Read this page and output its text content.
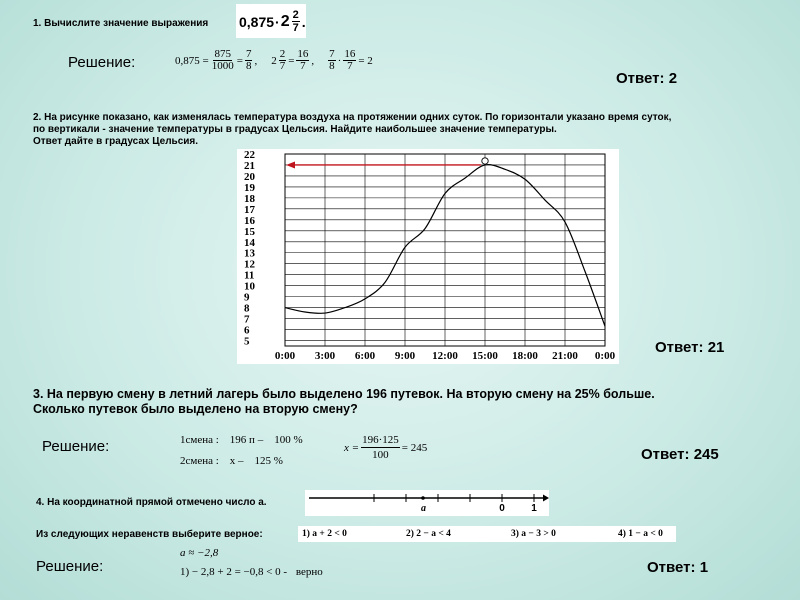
1. Вычислите значение выражения $0,875 \cdot 2 \frac{2}{7}$ .
Решение:	$0,875 = \frac{875}{1000} = \frac{7}{8}$ , $2 \frac{2}{7} = \frac{16}{7}$ , $\frac{7}{8} \cdot \frac{16}{7} = 2$
Ответ: 2
2. На рисунке показано, как изменялась температура воздуха на протяжении одних суток. По горизонтали указано время суток,
по вертикали - значение температуры в градусах Цельсия. Найдите наибольшее значение температуры.
Ответ дайте в градусах Цельсия.
5
6
7
8
9
10
11
12
13
14
15
16
17
18
19
20
21
22
0:00 3:00 6:00 9:00 12:00 15:00 18:00 21:00 0:00	Ответ: 21
3. На первую смену в летний лагерь было выделено 196 путевок. На вторую смену на 25% больше.
Сколько путевок было выделено на вторую смену?
Решение:	1смена :    196 п –    100 %
2смена :    х –    125 %
$x = \frac{196\cdot 125}{100} = 245$	Ответ: 245
4. На координатной прямой отмечено число а.
a	0	1
Из следующих неравенств выберите верное:	1) a + 2 < 0	2) 2 − a < 4	3) a − 3 > 0	4) 1 − a < 0
Решение:
a ≈ −2,8
1) − 2,8 + 2 = −0,8 < 0 - верно	Ответ: 1
